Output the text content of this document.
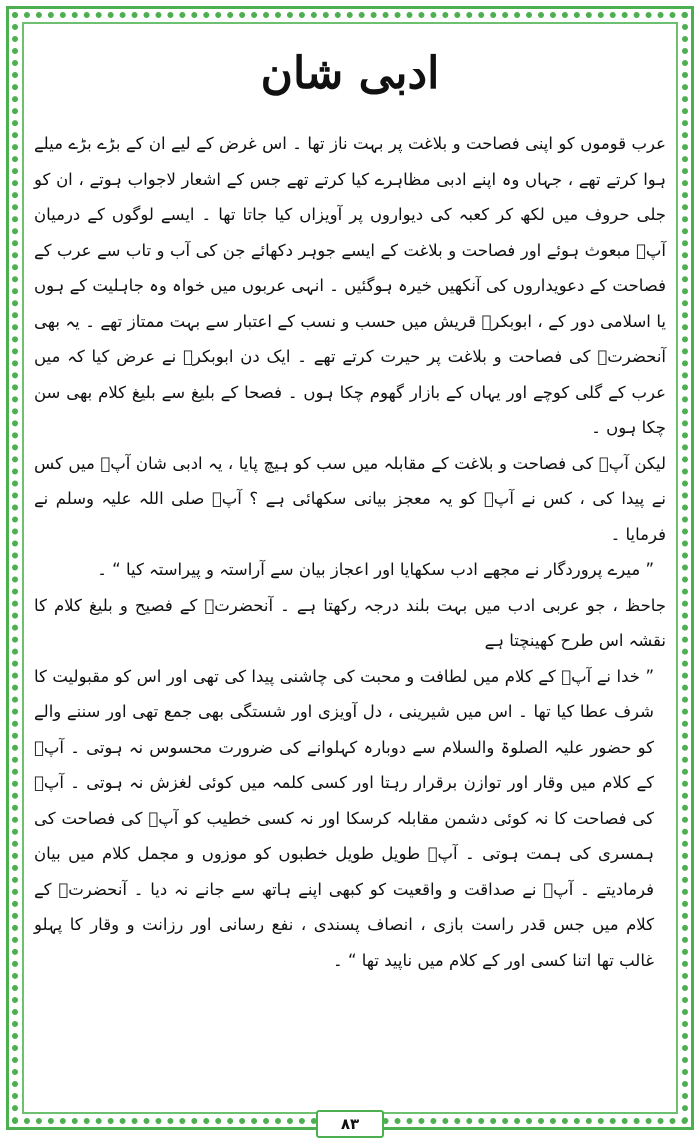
ادبی شان

عرب قوموں کو اپنی فصاحت و بلاغت پر بہت ناز تھا ۔ اس غرض کے لیے ان کے بڑے بڑے میلے ہوا کرتے تھے ، جہاں وہ اپنے ادبی مظاہرے کیا کرتے تھے جس کے اشعار لاجواب ہوتے ، ان کو جلی حروف میں لکھ کر کعبہ کی دیواروں پر آویزاں کیا جاتا تھا ۔ ایسے لوگوں کے درمیان آپؐ مبعوث ہوئے اور فصاحت و بلاغت کے ایسے جوہر دکھائے جن کی آب و تاب سے عرب کے فصاحت کے دعویداروں کی آنکھیں خیرہ ہوگئیں ۔ انہی عربوں میں خواہ وہ جاہلیت کے ہوں یا اسلامی دور کے ، ابوبکرؓ قریش میں حسب و نسب کے اعتبار سے بہت ممتاز تھے ۔ یہ بھی آنحضرتؐ کی فصاحت و بلاغت پر حیرت کرتے تھے ۔ ایک دن ابوبکرؓ نے عرض کیا کہ میں عرب کے گلی کوچے اور یہاں کے بازار گھوم چکا ہوں ۔ فصحا کے بلیغ سے بلیغ کلام بھی سن چکا ہوں ۔

لیکن آپؐ کی فصاحت و بلاغت کے مقابلہ میں سب کو ہیچ پایا ، یہ ادبی شان آپؐ میں کس نے پیدا کی ، کس نے آپؐ کو یہ معجز بیانی سکھائی ہے ؟ آپؐ صلی اللہ علیہ وسلم نے فرمایا ۔

” میرے پروردگار نے مجھے ادب سکھایا اور اعجاز بیان سے آراستہ و پیراستہ کیا “ ۔

جاحظ ، جو عربی ادب میں بہت بلند درجہ رکھتا ہے ۔ آنحضرتؐ کے فصیح و بلیغ کلام کا نقشہ اس طرح کھینچتا ہے

” خدا نے آپؐ کے کلام میں لطافت و محبت کی چاشنی پیدا کی تھی اور اس کو مقبولیت کا شرف عطا کیا تھا ۔ اس میں شیرینی ، دل آویزی اور شستگی بھی جمع تھی اور سننے والے کو حضور علیہ الصلوۃ والسلام سے دوبارہ کہلوانے کی ضرورت محسوس نہ ہوتی ۔ آپؐ کے کلام میں وقار اور توازن برقرار رہتا اور کسی کلمہ میں کوئی لغزش نہ ہوتی ۔ آپؐ کی فصاحت کا نہ کوئی دشمن مقابلہ کرسکا اور نہ کسی خطیب کو آپؐ کی فصاحت کی ہمسری کی ہمت ہوتی ۔ آپؐ طویل طویل خطبوں کو موزوں و مجمل کلام میں بیان فرمادیتے ۔ آپؐ نے صداقت و واقعیت کو کبھی اپنے ہاتھ سے جانے نہ دیا ۔ آنحضرتؐ کے کلام میں جس قدر راست بازی ، انصاف پسندی ، نفع رسانی اور رزانت و وقار کا پہلو غالب تھا اتنا کسی اور کے کلام میں ناپید تھا “ ۔

۸۳
